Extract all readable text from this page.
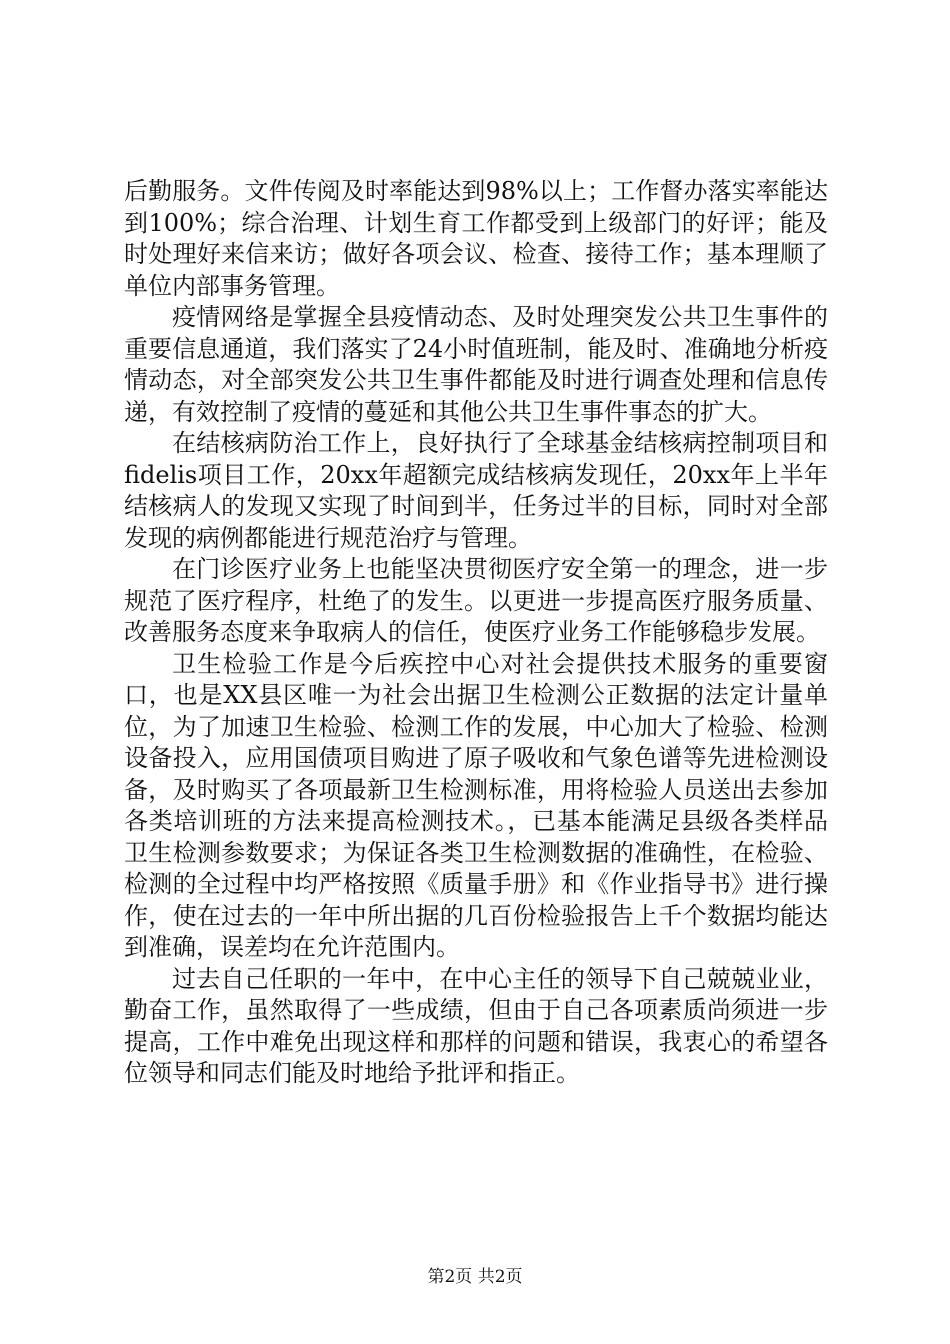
后勤服务。文件传阅及时率能达到98%以上；工作督办落实率能达到100%；综合治理、计划生育工作都受到上级部门的好评；能及时处理好来信来访；做好各项会议、检查、接待工作；基本理顺了单位内部事务管理。

疫情网络是掌握全县疫情动态、及时处理突发公共卫生事件的重要信息通道，我们落实了24小时值班制，能及时、准确地分析疫情动态，对全部突发公共卫生事件都能及时进行调查处理和信息传递，有效控制了疫情的蔓延和其他公共卫生事件事态的扩大。

在结核病防治工作上，良好执行了全球基金结核病控制项目和fidelis项目工作，20xx年超额完成结核病发现任，20xx年上半年结核病人的发现又实现了时间到半，任务过半的目标，同时对全部发现的病例都能进行规范治疗与管理。

在门诊医疗业务上也能坚决贯彻医疗安全第一的理念，进一步规范了医疗程序，杜绝了的发生。以更进一步提高医疗服务质量、改善服务态度来争取病人的信任，使医疗业务工作能够稳步发展。

卫生检验工作是今后疾控中心对社会提供技术服务的重要窗口，也是XX县区唯一为社会出据卫生检测公正数据的法定计量单位，为了加速卫生检验、检测工作的发展，中心加大了检验、检测设备投入，应用国债项目购进了原子吸收和气象色谱等先进检测设备，及时购买了各项最新卫生检测标准，用将检验人员送出去参加各类培训班的方法来提高检测技术。，已基本能满足县级各类样品卫生检测参数要求；为保证各类卫生检测数据的准确性，在检验、检测的全过程中均严格按照《质量手册》和《作业指导书》进行操作，使在过去的一年中所出据的几百份检验报告上千个数据均能达到准确，误差均在允许范围内。

过去自己任职的一年中，在中心主任的领导下自己兢兢业业，勤奋工作，虽然取得了一些成绩，但由于自己各项素质尚须进一步提高，工作中难免出现这样和那样的问题和错误，我衷心的希望各位领导和同志们能及时地给予批评和指正。

第2页 共2页
